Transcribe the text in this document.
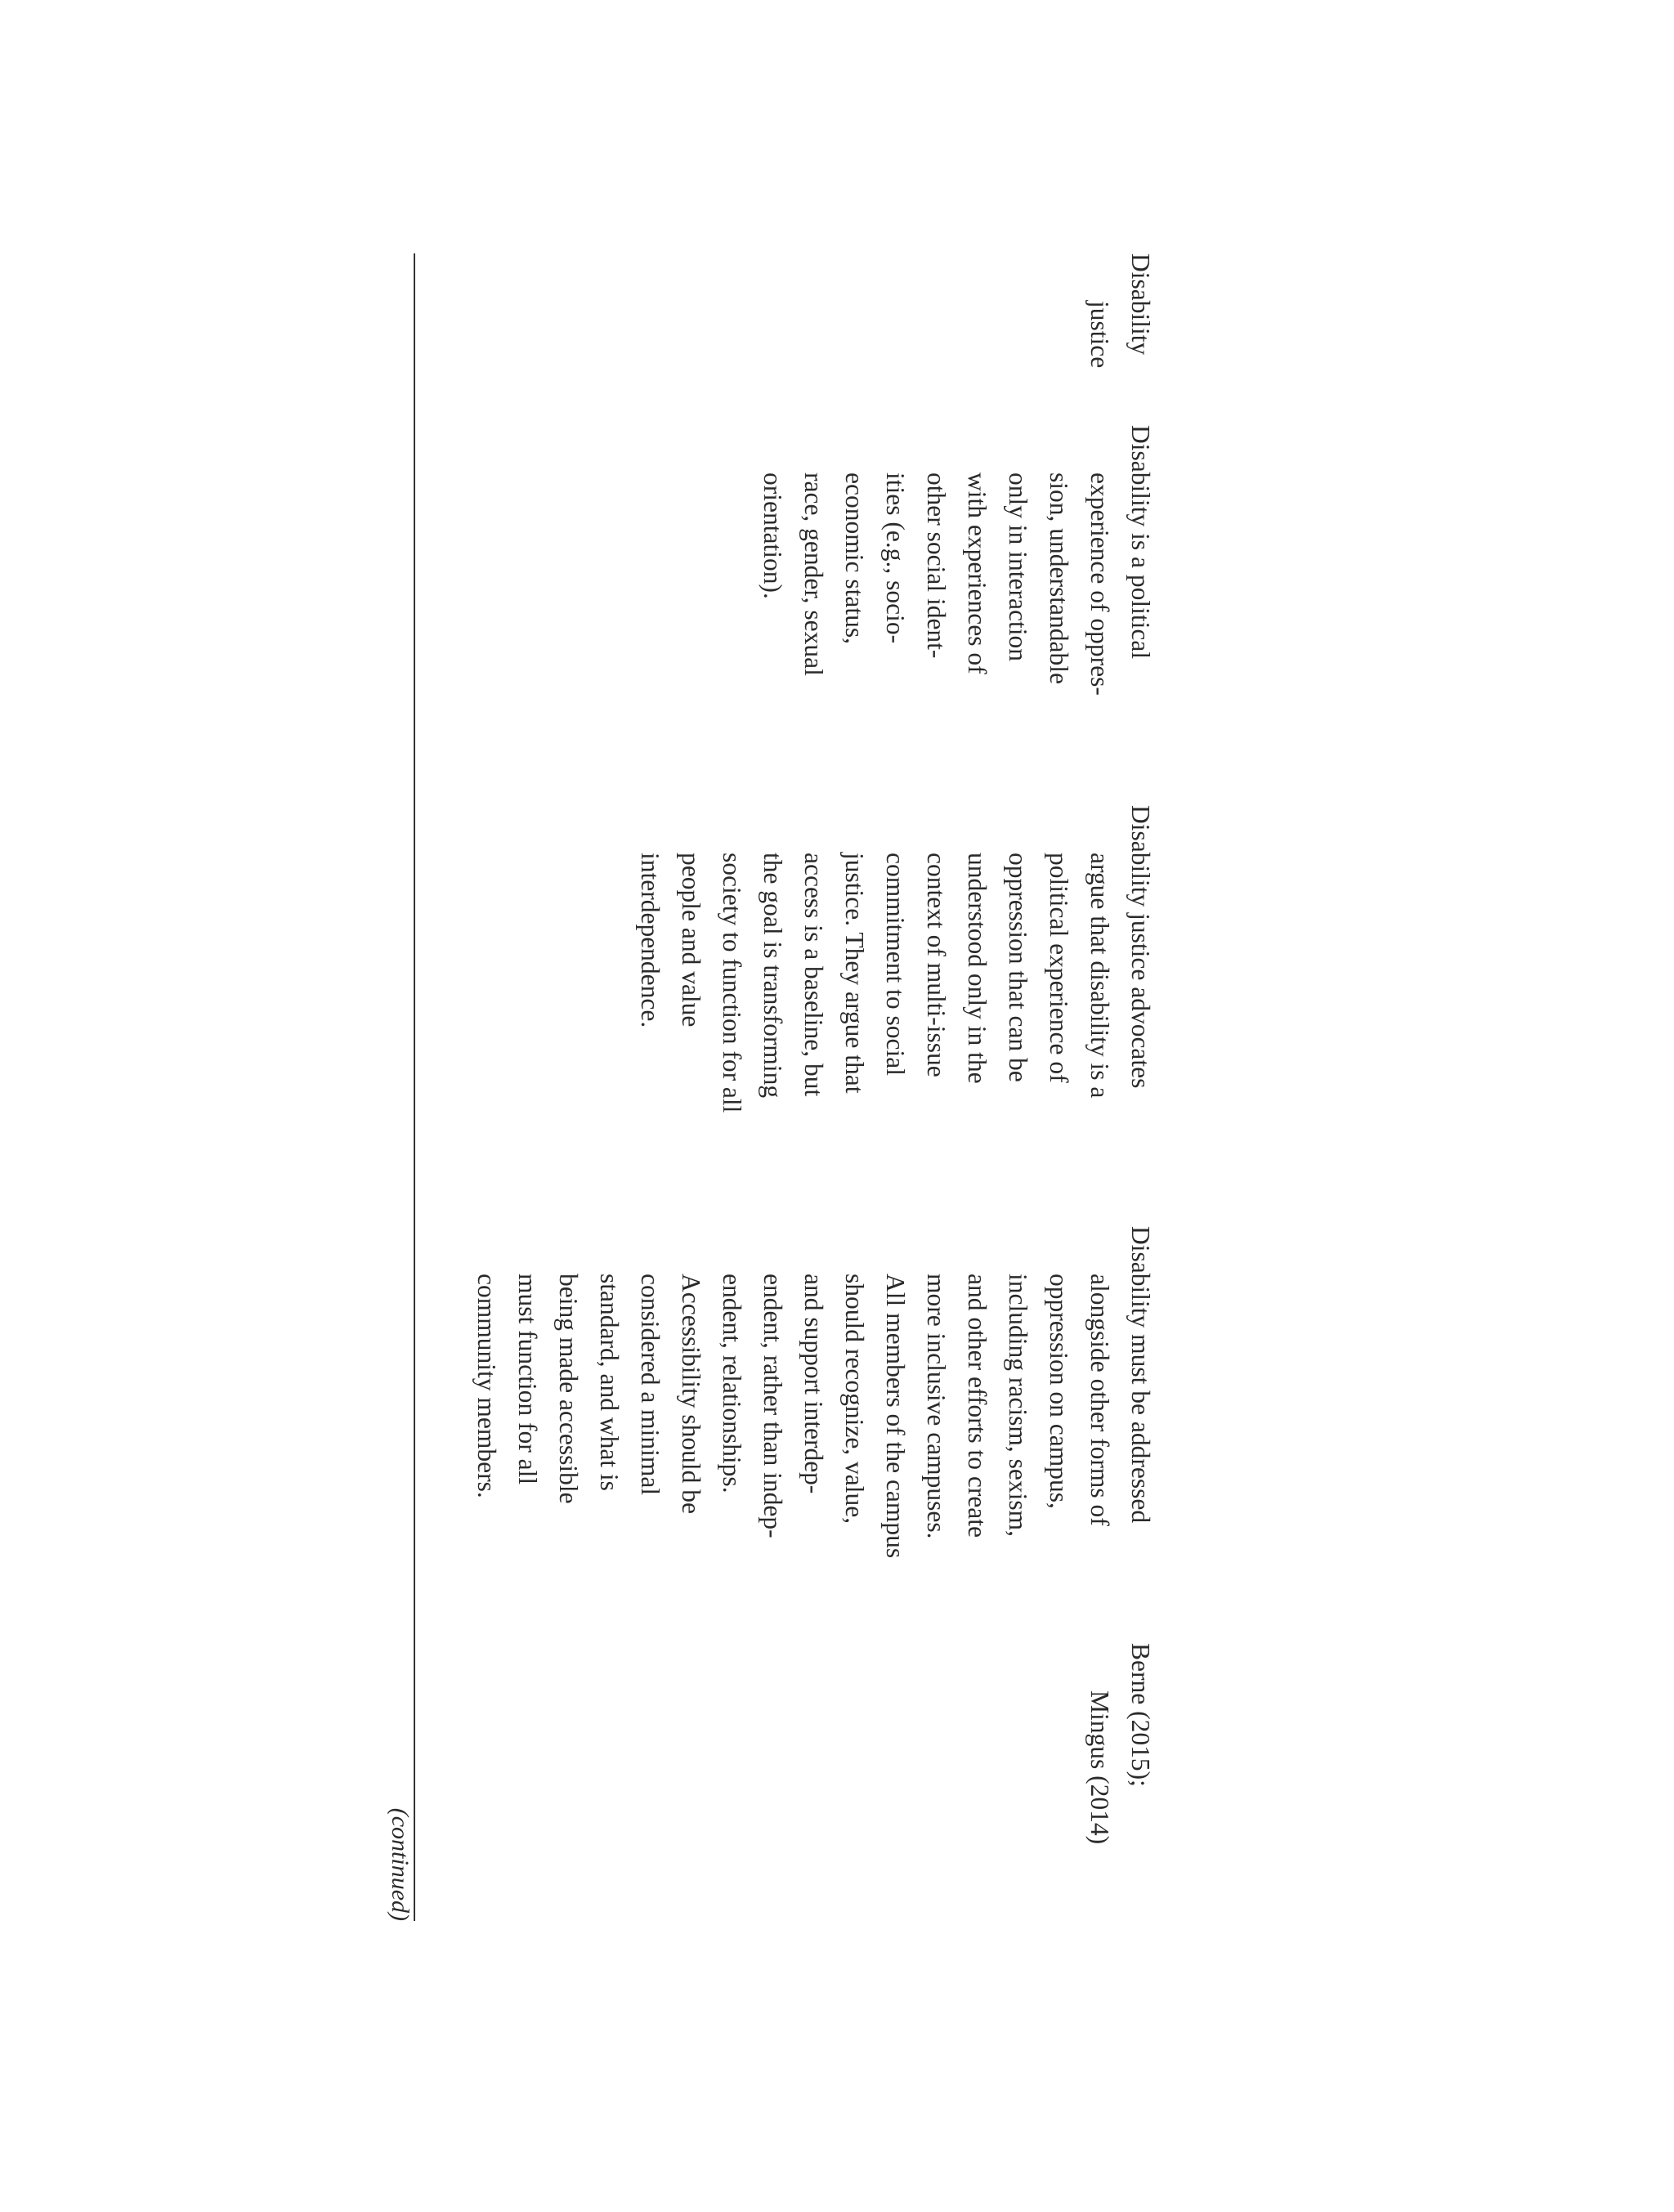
Disability
justice
Disability is a political
experience of oppres-
sion, understandable
only in interaction
with experiences of
other social ident-
ities (e.g., socio-
economic status,
race, gender, sexual
orientation).
Disability justice advocates
argue that disability is a
political experience of
oppression that can be
understood only in the
context of multi-issue
commitment to social
justice. They argue that
access is a baseline, but
the goal is transforming
society to function for all
people and value
interdependence.
Disability must be addressed
alongside other forms of
oppression on campus,
including racism, sexism,
and other efforts to create
more inclusive campuses.
All members of the campus
should recognize, value,
and support interdep-
endent, rather than indep-
endent, relationships.
Accessibility should be
considered a minimal
standard, and what is
being made accessible
must function for all
community members.
Berne (2015);
Mingus (2014)
(continued)
